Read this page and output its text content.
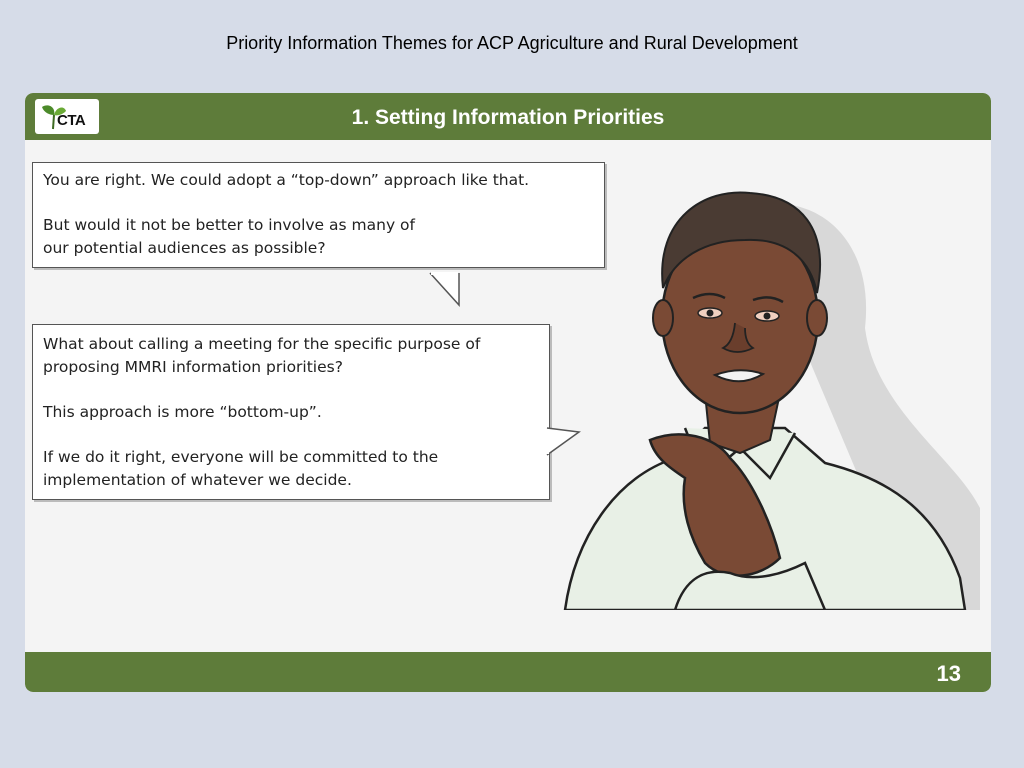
Priority Information Themes for ACP Agriculture and Rural Development
CTA	1. Setting Information Priorities

You are right. We could adopt a “top-down” approach like that.

But would it not be better to involve as many of our potential audiences as possible?

What about calling a meeting for the specific purpose of proposing MMRI information priorities?

This approach is more “bottom-up”.

If we do it right, everyone will be committed to the implementation of whatever we decide.

13
